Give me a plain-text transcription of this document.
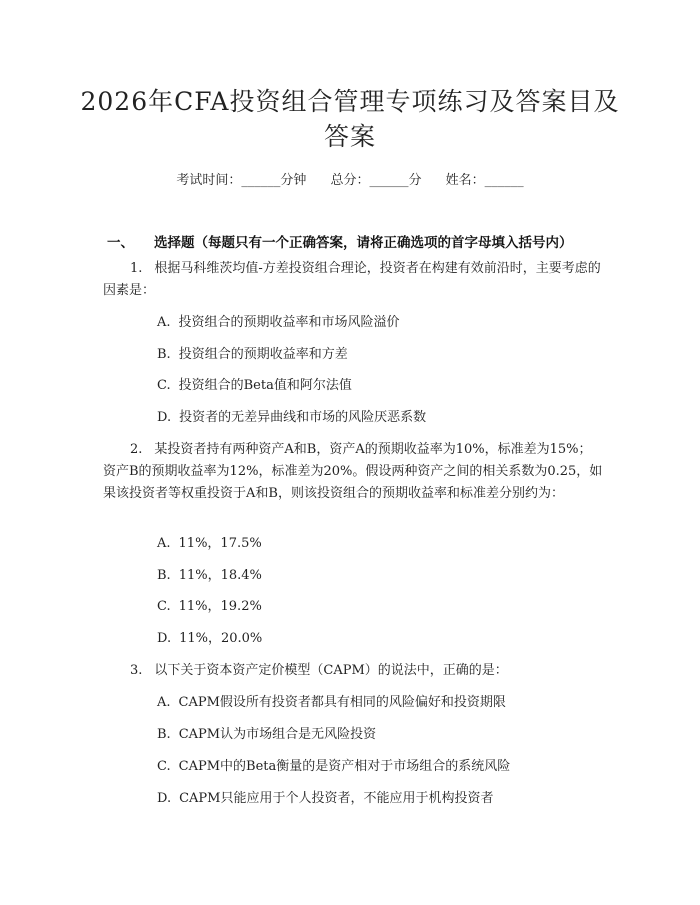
2026年CFA投资组合管理专项练习及答案目及答案
考试时间：______分钟 总分：______分 姓名：______
一、 选择题（每题只有一个正确答案，请将正确选项的首字母填入括号内）
1. 根据马科维茨均值-方差投资组合理论，投资者在构建有效前沿时，主要考虑的因素是：
A. 投资组合的预期收益率和市场风险溢价
B. 投资组合的预期收益率和方差
C. 投资组合的Beta值和阿尔法值
D. 投资者的无差异曲线和市场的风险厌恶系数
2. 某投资者持有两种资产A和B，资产A的预期收益率为10%，标准差为15%；资产B的预期收益率为12%，标准差为20%。假设两种资产之间的相关系数为0.25，如果该投资者等权重投资于A和B，则该投资组合的预期收益率和标准差分别约为：
A. 11%，17.5%
B. 11%，18.4%
C. 11%，19.2%
D. 11%，20.0%
3. 以下关于资本资产定价模型（CAPM）的说法中，正确的是：
A. CAPM假设所有投资者都具有相同的风险偏好和投资期限
B. CAPM认为市场组合是无风险投资
C. CAPM中的Beta衡量的是资产相对于市场组合的系统风险
D. CAPM只能应用于个人投资者，不能应用于机构投资者
